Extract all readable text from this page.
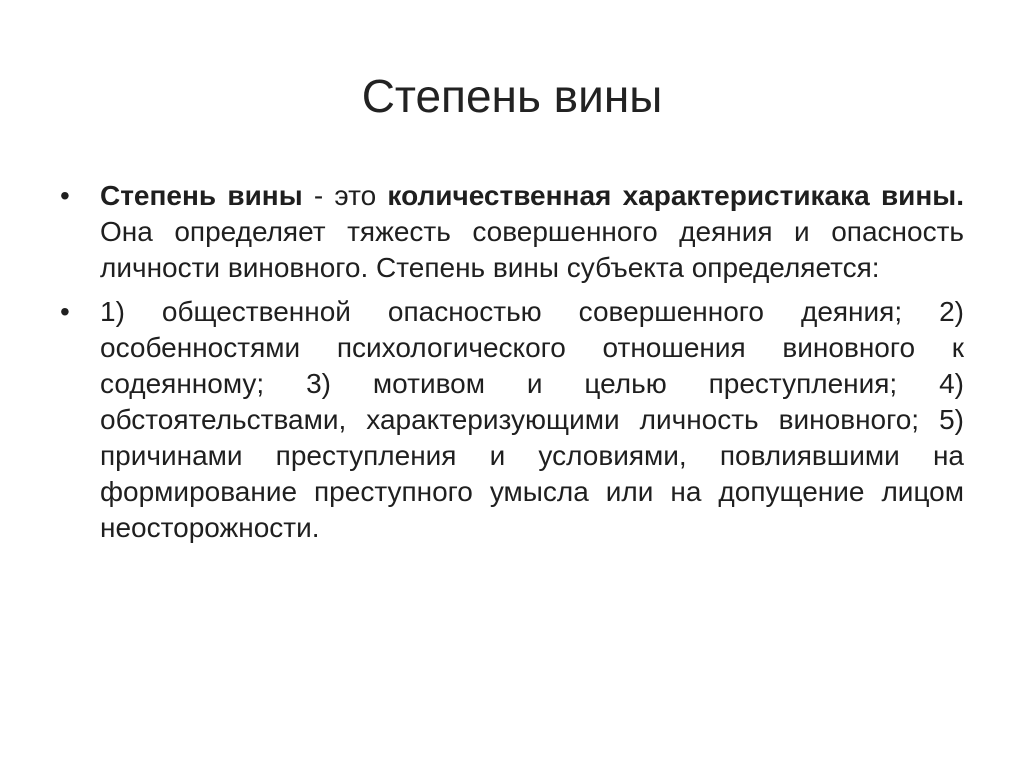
Степень вины
•	Степень вины - это количественная характеристикака вины. Она определяет тяжесть совершенного деяния и опасность личности виновного. Степень вины субъекта определяется:
•	1) общественной опасностью совершенного деяния; 2) особенностями психологического отношения виновного к содеянному; 3) мотивом и целью преступления; 4) обстоятельствами, характеризующими личность виновного; 5) причинами преступления и условиями, повлиявшими на формирование преступного умысла или на допущение лицом неосторожности.
